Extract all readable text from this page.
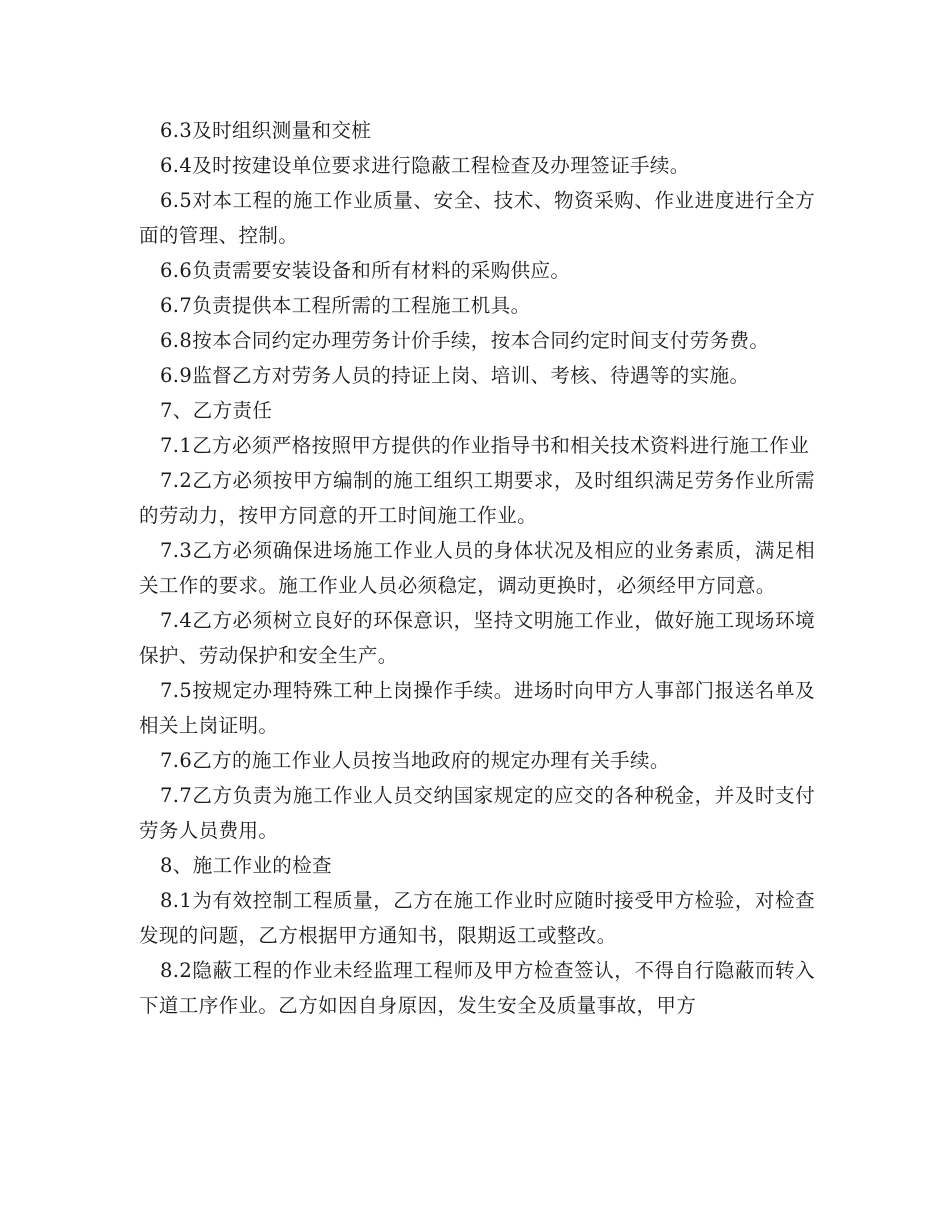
6.3及时组织测量和交桩

6.4及时按建设单位要求进行隐蔽工程检查及办理签证手续。

6.5对本工程的施工作业质量、安全、技术、物资采购、作业进度进行全方面的管理、控制。

6.6负责需要安装设备和所有材料的采购供应。

6.7负责提供本工程所需的工程施工机具。

6.8按本合同约定办理劳务计价手续，按本合同约定时间支付劳务费。

6.9监督乙方对劳务人员的持证上岗、培训、考核、待遇等的实施。

7、乙方责任

7.1乙方必须严格按照甲方提供的作业指导书和相关技术资料进行施工作业

7.2乙方必须按甲方编制的施工组织工期要求，及时组织满足劳务作业所需的劳动力，按甲方同意的开工时间施工作业。

7.3乙方必须确保进场施工作业人员的身体状况及相应的业务素质，满足相关工作的要求。施工作业人员必须稳定，调动更换时，必须经甲方同意。

7.4乙方必须树立良好的环保意识，坚持文明施工作业，做好施工现场环境保护、劳动保护和安全生产。

7.5按规定办理特殊工种上岗操作手续。进场时向甲方人事部门报送名单及相关上岗证明。

7.6乙方的施工作业人员按当地政府的规定办理有关手续。

7.7乙方负责为施工作业人员交纳国家规定的应交的各种税金，并及时支付劳务人员费用。

8、施工作业的检查

8.1为有效控制工程质量，乙方在施工作业时应随时接受甲方检验，对检查发现的问题，乙方根据甲方通知书，限期返工或整改。

8.2隐蔽工程的作业未经监理工程师及甲方检查签认，不得自行隐蔽而转入下道工序作业。乙方如因自身原因，发生安全及质量事故，甲方
